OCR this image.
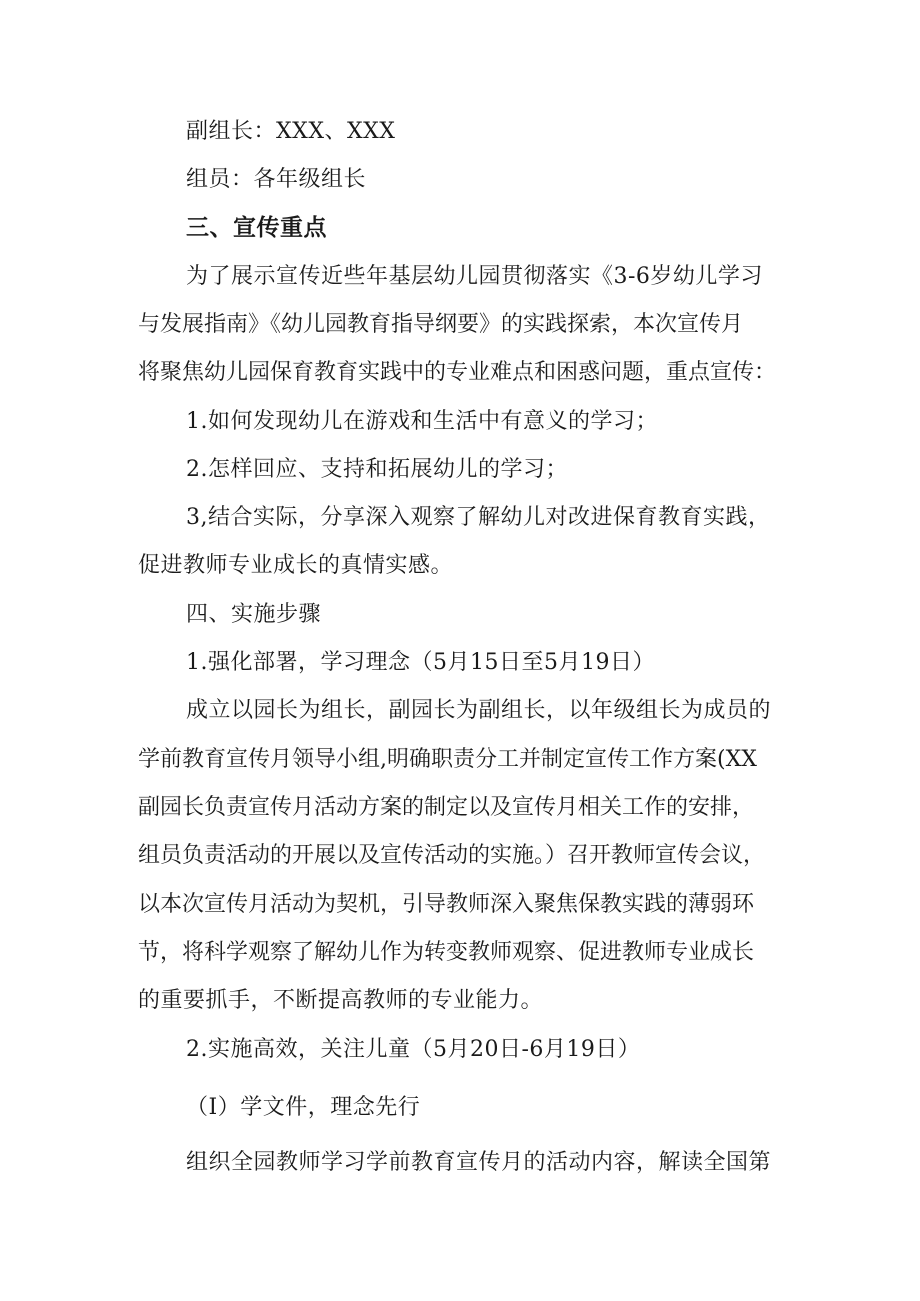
副组长：XXX、XXX
组员：各年级组长
三、宣传重点
为了展示宣传近些年基层幼儿园贯彻落实《3-6岁幼儿学习
与发展指南》《幼儿园教育指导纲要》的实践探索，本次宣传月
将聚焦幼儿园保育教育实践中的专业难点和困惑问题，重点宣传：
1.如何发现幼儿在游戏和生活中有意义的学习；
2.怎样回应、支持和拓展幼儿的学习；
3,结合实际，分享深入观察了解幼儿对改进保育教育实践，
促进教师专业成长的真情实感。
四、实施步骤
1.强化部署，学习理念（5月15日至5月19日）
成立以园长为组长，副园长为副组长，以年级组长为成员的
学前教育宣传月领导小组,明确职责分工并制定宣传工作方案(XX
副园长负责宣传月活动方案的制定以及宣传月相关工作的安排，
组员负责活动的开展以及宣传活动的实施。）召开教师宣传会议，
以本次宣传月活动为契机，引导教师深入聚焦保教实践的薄弱环
节，将科学观察了解幼儿作为转变教师观察、促进教师专业成长
的重要抓手，不断提高教师的专业能力。
2.实施高效，关注儿童（5月20日-6月19日）
（I）学文件，理念先行
组织全园教师学习学前教育宣传月的活动内容，解读全国第
